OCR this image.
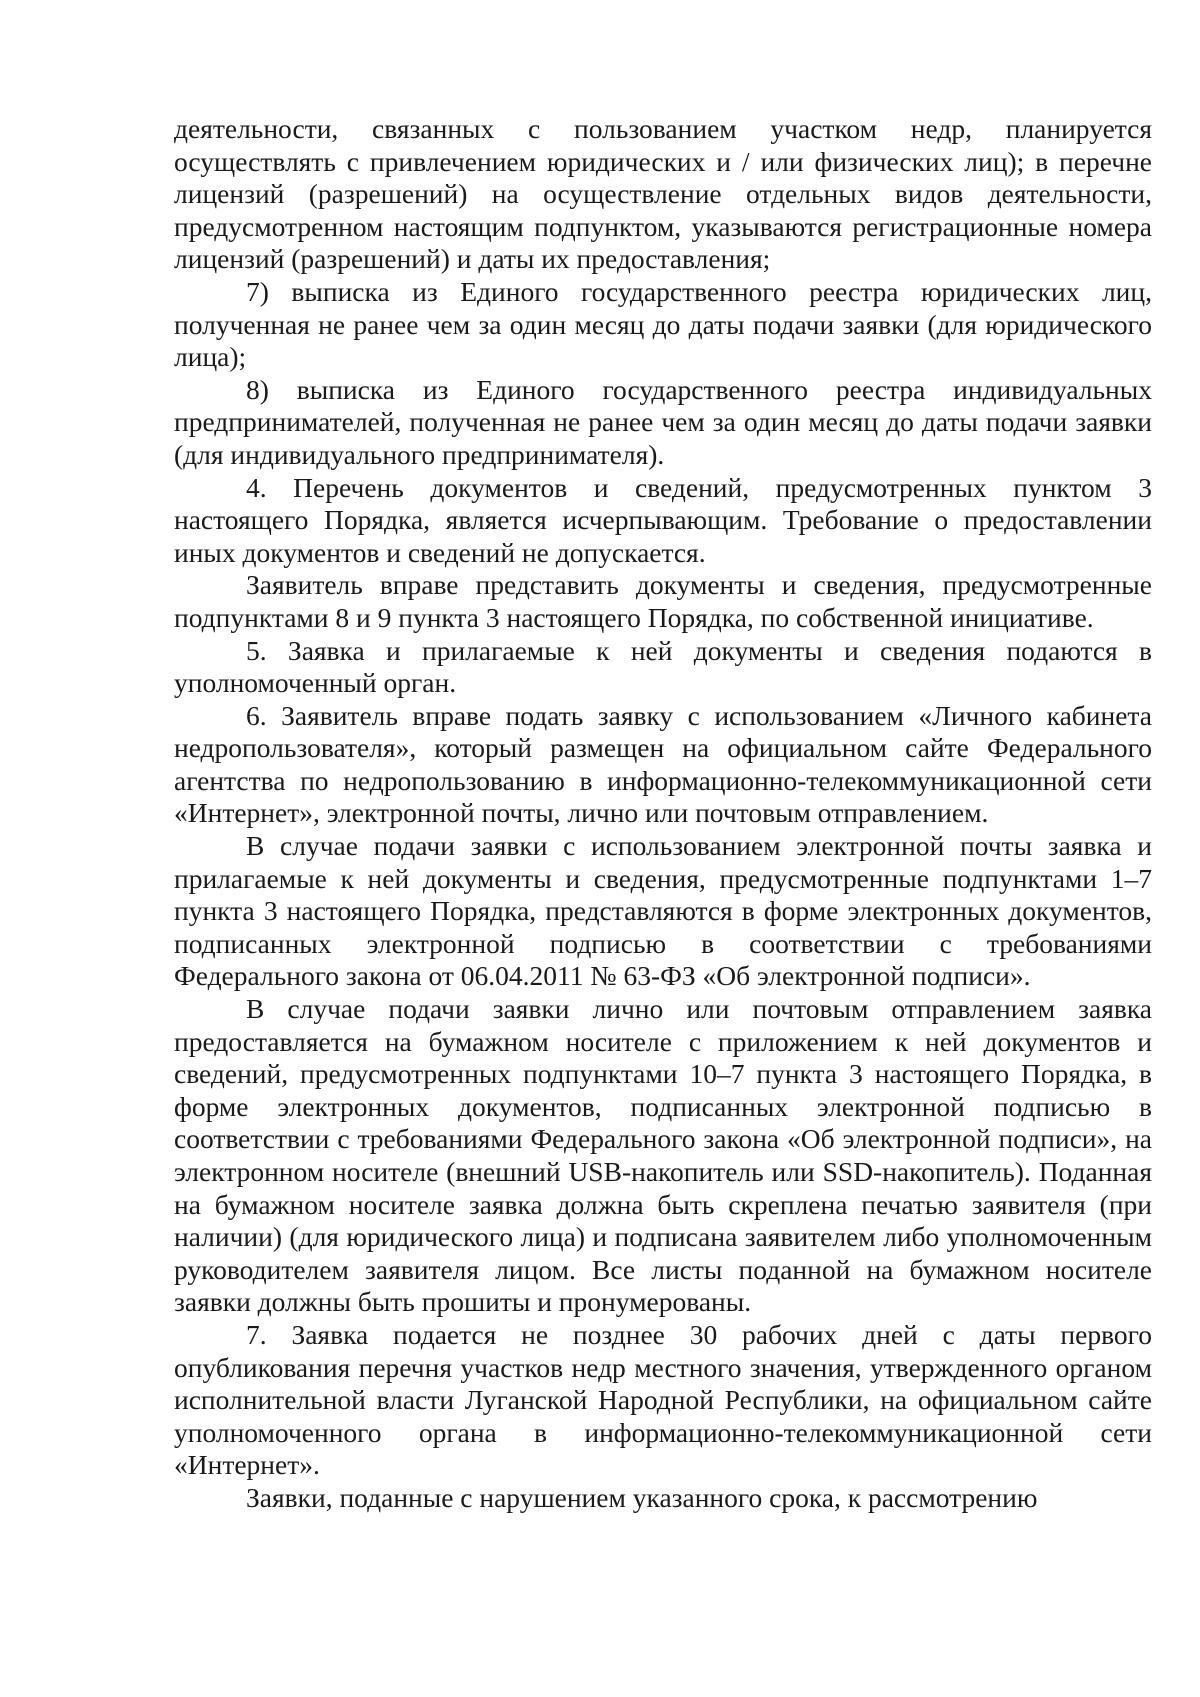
деятельности, связанных с пользованием участком недр, планируется осуществлять с привлечением юридических и / или физических лиц); в перечне лицензий (разрешений) на осуществление отдельных видов деятельности, предусмотренном настоящим подпунктом, указываются регистрационные номера лицензий (разрешений) и даты их предоставления;

7) выписка из Единого государственного реестра юридических лиц, полученная не ранее чем за один месяц до даты подачи заявки (для юридического лица);

8) выписка из Единого государственного реестра индивидуальных предпринимателей, полученная не ранее чем за один месяц до даты подачи заявки (для индивидуального предпринимателя).

4. Перечень документов и сведений, предусмотренных пунктом 3 настоящего Порядка, является исчерпывающим. Требование о предоставлении иных документов и сведений не допускается.

Заявитель вправе представить документы и сведения, предусмотренные подпунктами 8 и 9 пункта 3 настоящего Порядка, по собственной инициативе.

5. Заявка и прилагаемые к ней документы и сведения подаются в уполномоченный орган.

6. Заявитель вправе подать заявку с использованием «Личного кабинета недропользователя», который размещен на официальном сайте Федерального агентства по недропользованию в информационно-телекоммуникационной сети «Интернет», электронной почты, лично или почтовым отправлением.

В случае подачи заявки с использованием электронной почты заявка и прилагаемые к ней документы и сведения, предусмотренные подпунктами 1–7 пункта 3 настоящего Порядка, представляются в форме электронных документов, подписанных электронной подписью в соответствии с требованиями Федерального закона от 06.04.2011 № 63-ФЗ «Об электронной подписи».

В случае подачи заявки лично или почтовым отправлением заявка предоставляется на бумажном носителе с приложением к ней документов и сведений, предусмотренных подпунктами 10–7 пункта 3 настоящего Порядка, в форме электронных документов, подписанных электронной подписью в соответствии с требованиями Федерального закона «Об электронной подписи», на электронном носителе (внешний USB-накопитель или SSD-накопитель). Поданная на бумажном носителе заявка должна быть скреплена печатью заявителя (при наличии) (для юридического лица) и подписана заявителем либо уполномоченным руководителем заявителя лицом. Все листы поданной на бумажном носителе заявки должны быть прошиты и пронумерованы.

7. Заявка подается не позднее 30 рабочих дней с даты первого опубликования перечня участков недр местного значения, утвержденного органом исполнительной власти Луганской Народной Республики, на официальном сайте уполномоченного органа в информационно-телекоммуникационной сети «Интернет».

Заявки, поданные с нарушением указанного срока, к рассмотрению
